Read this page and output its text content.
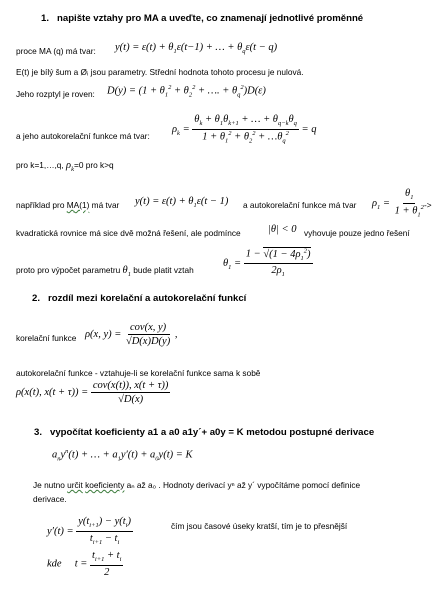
1.   napište vztahy pro MA a uveďte, co znamenají jednotlivé proměnné
proce MA (q) má tvar: $y(t) = \varepsilon(t) + \theta_1\varepsilon(t-1)$ + … + $\theta_q\varepsilon(t - q)$
E(t) je bílý šum a Øᵢ jsou parametry. Střední hodnota tohoto procesu je nulová.
Jeho rozptyl je roven: $D(y) = (1 + \theta_1^2 + \theta_2^2$ + …. + $\theta_q^2)D(\varepsilon)$
a jeho autokorelační funkce má tvar:
$\rho_k = \frac{\theta_k + \theta_1\theta_{k+1} + \dots + \theta_{q-k}\theta_q}{1 + \theta_1^2 + \theta_2^2 + \dots\theta_q^2} = q$
pro k=1,…,q, $\rho_k=0$ pro k>q
například pro MA(1) má tvar $y(t) = \varepsilon(t) + \theta_1\varepsilon(t - 1)$ a autokorelační funkce má tvar $\rho_1 = \frac{\theta_1}{1 + \theta_1^2}$
->
kvadratická rovnice má sice dvě možná řešení, ale podmínce	|θ| < 0 vyhovuje pouze jedno řešení
proto pro výpočet parametru $\theta_1$ bude platit vztah
$\theta_1 = \frac{1 - √(1 - 4\rho_1^2)}{2\rho_1}$
2.   rozdíl mezi korelační a autokorelační funkcí
korelační funkce ρ(x, $y) = \frac{\text{cov(x, y)}}{√D(x)D(y)}$ ,
autokorelační funkce - vztahuje-li se korelační funkce sama k sobě
ρ(x(t), $x(t + \tau)) = \frac{\text{cov(x(t)), x(t + τ))}}{√D(x)}$
3.   vypočítat koeficienty a1 a a0 a1y´+ a0y = K metodou postupné derivace
$a_ny^n(t)$ + … + $a_1y'(t) + a_0y(t) = K$
Je nutno určit koeficienty aₙ až a₀ . Hodnoty derivací yⁿ až y´ vypočítáme pomocí definice
derivace.
$y'(t) = \frac{y(t_{i+1}) - y(t_i)}{t_{i+1} - t_i}$	čím jsou časové úseky kratší, tím je to přesnější
kde $t = \frac{t_{i+1} + t_i}{2}$
